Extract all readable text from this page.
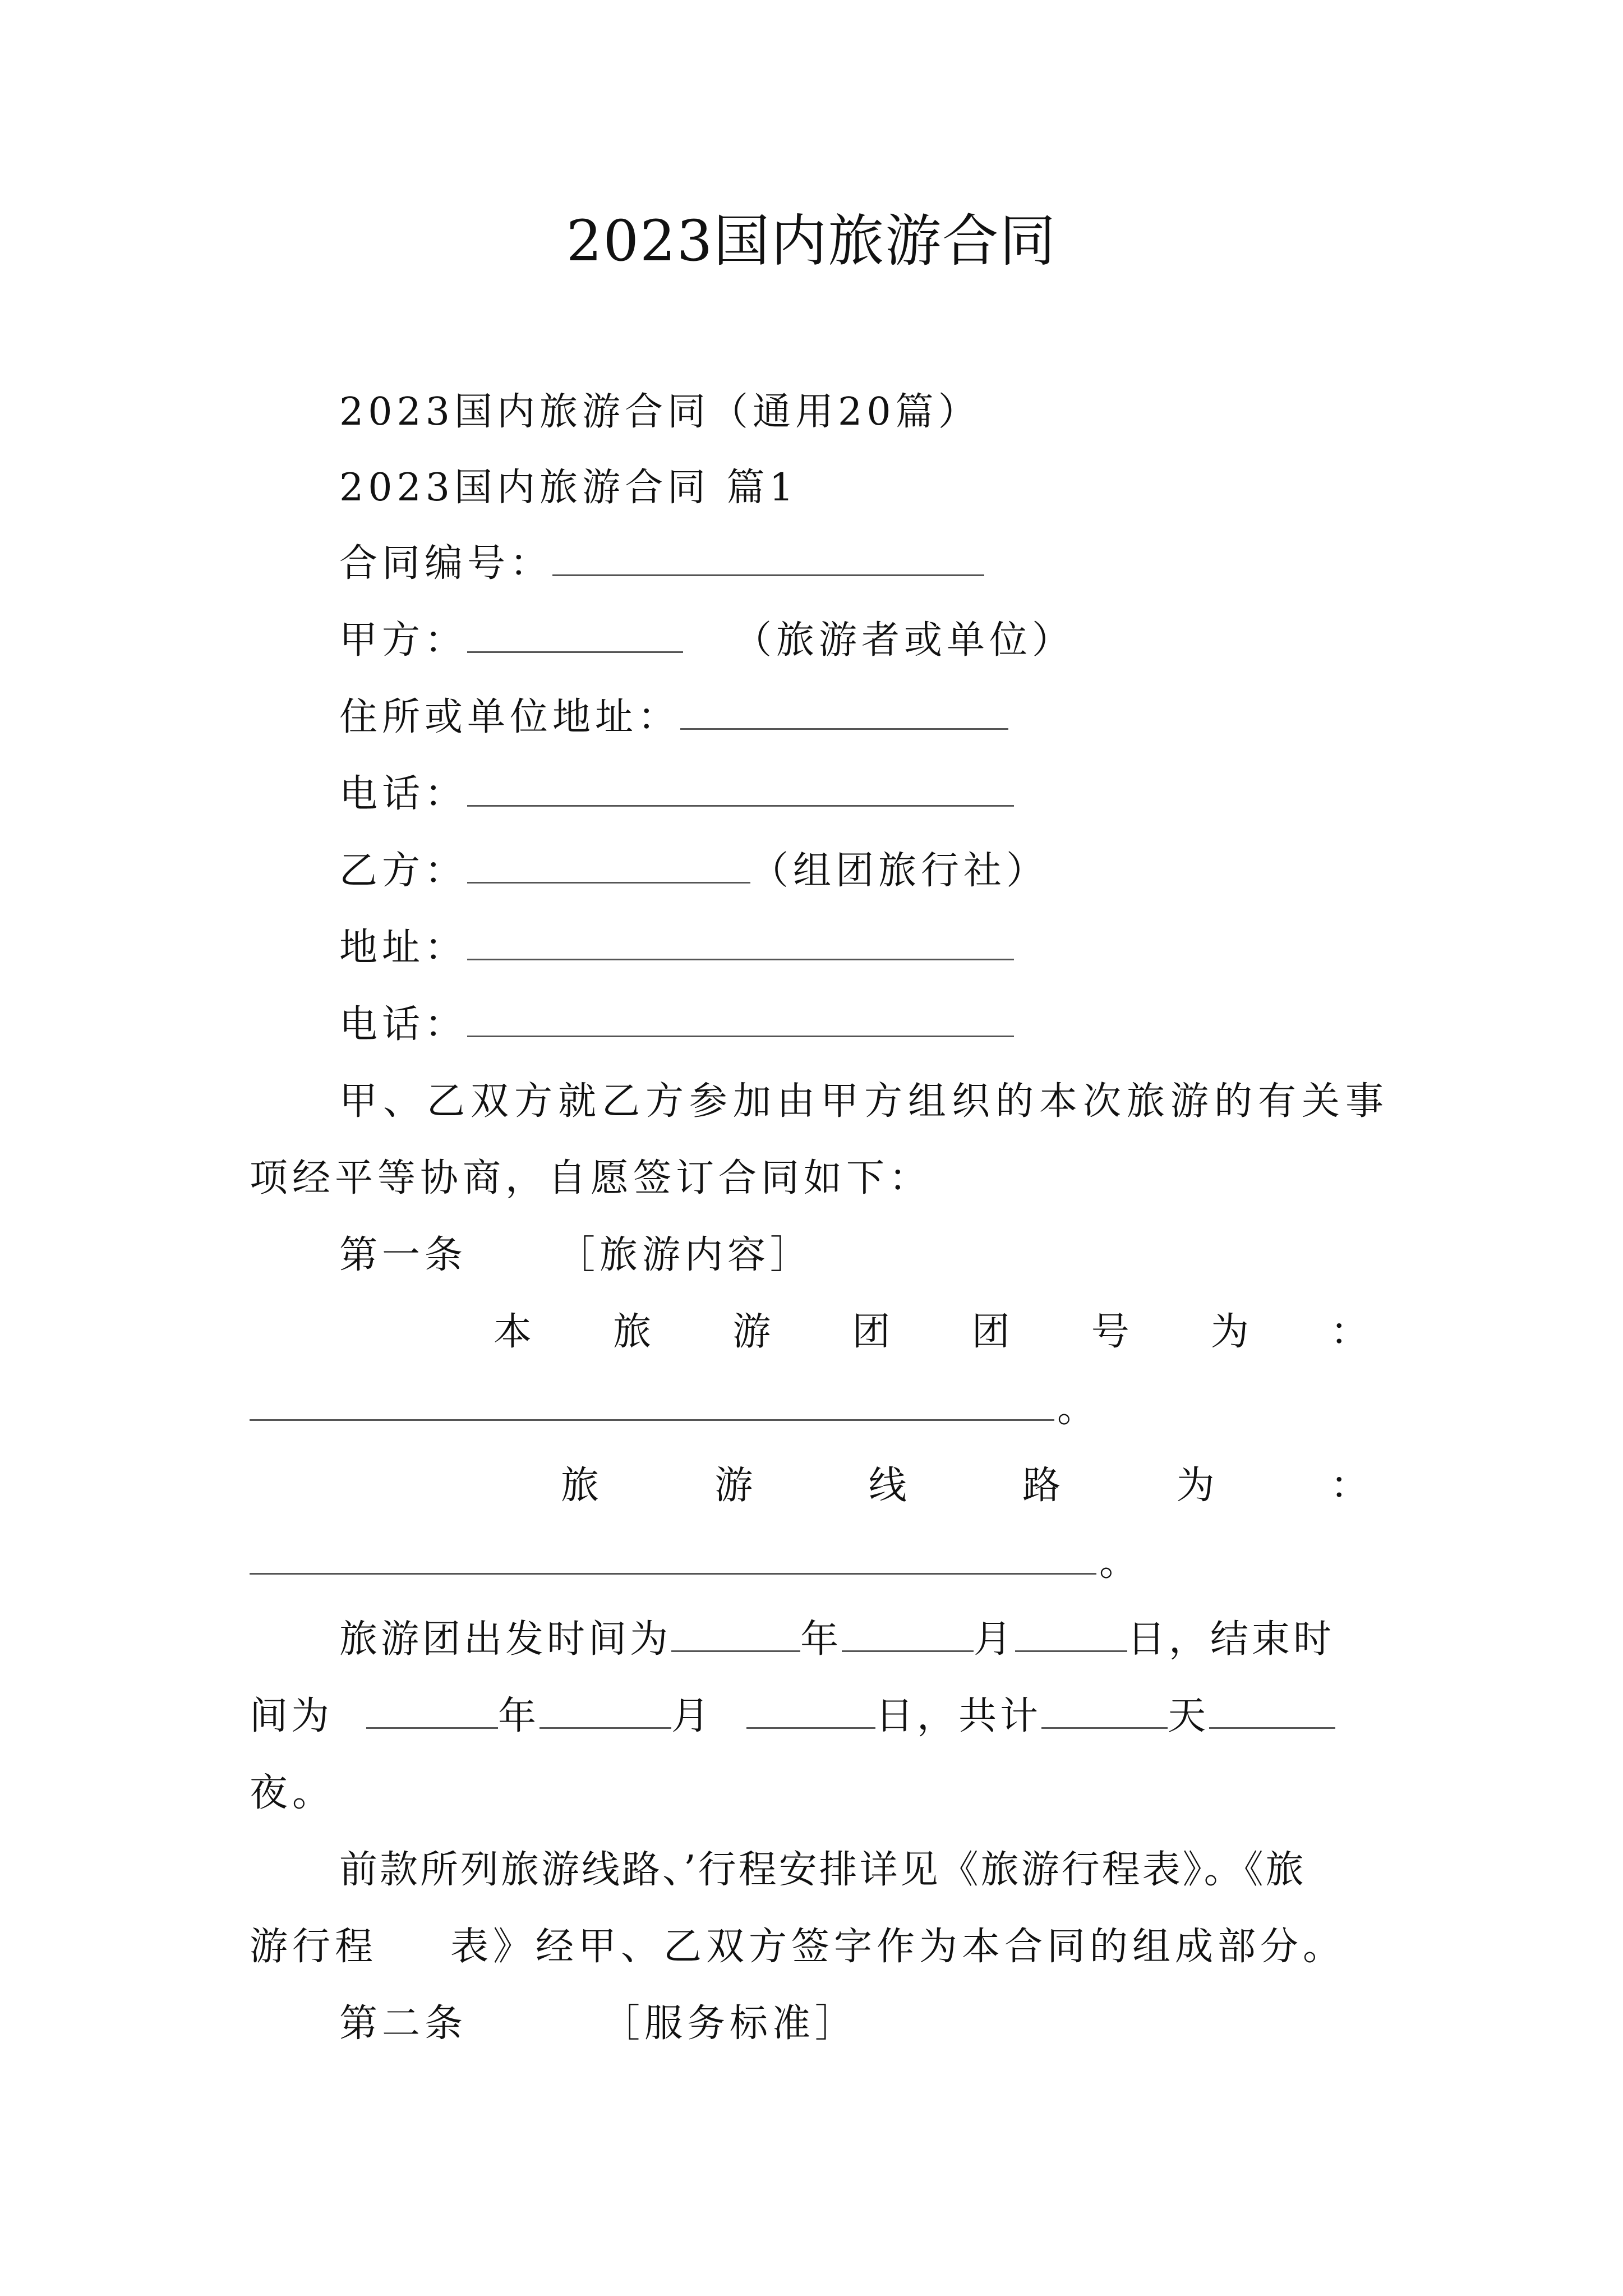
2023国内旅游合同
2023国内旅游合同（通用20篇）
2023国内旅游合同 篇1
合同编号：
甲方：	（旅游者或单位）
住所或单位地址：
电话：
乙方：	（组团旅行社）
地址：
电话：
甲、乙双方就乙方参加由甲方组织的本次旅游的有关事
项经平等协商，自愿签订合同如下：
第一条 ［旅游内容］
本 旅 游 团 团 号 为 ：
。
旅	游	线	路	为	：
。
旅游团出发时间为	年	月	日，结束时
间为	年	月	日，共计	天
夜。
前款所列旅游线路、’行程安排详见《旅游行程表》。《旅
游行程 表》经甲、乙双方签字作为本合同的组成部分。
第二条	［服务标准］
